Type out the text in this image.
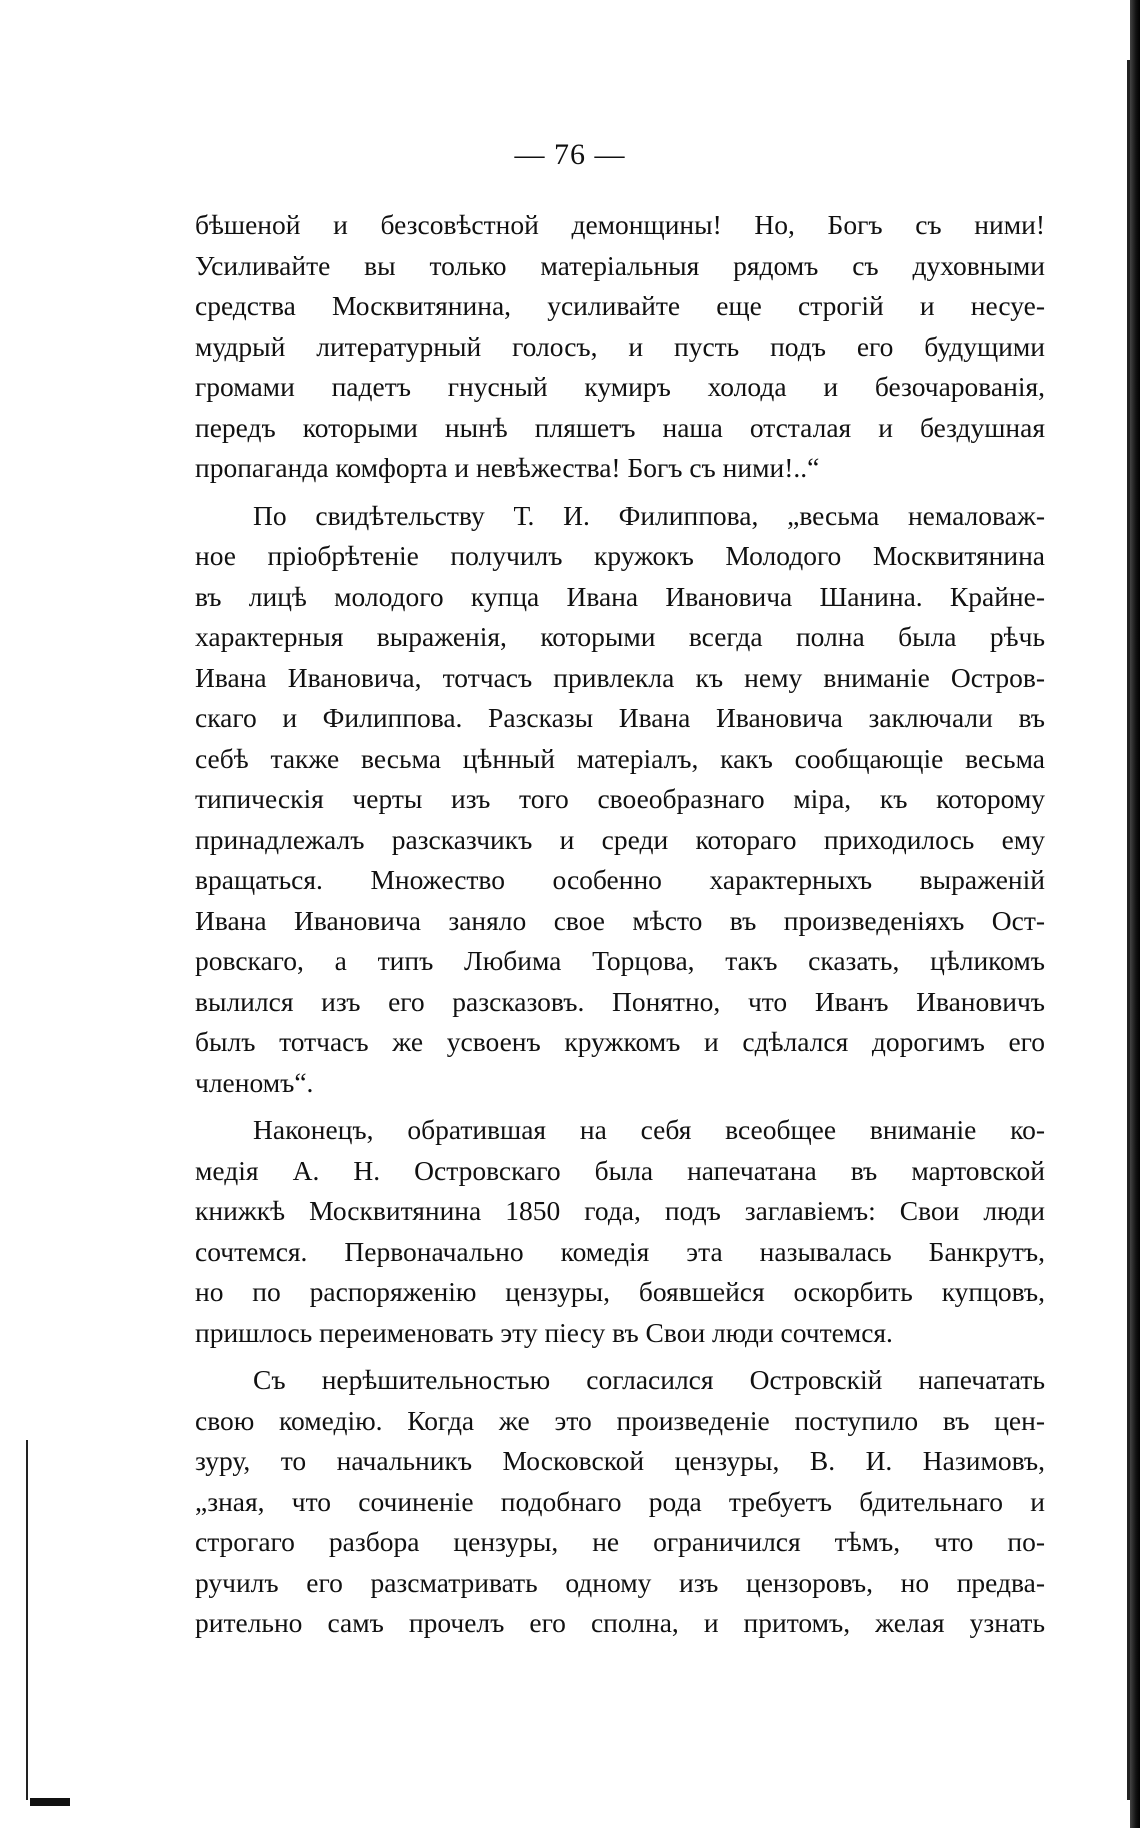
— 76 —
бѣшеной и безсовѣстной демонщины! Но, Богъ съ ними!
Усиливайте вы только матеріальныя рядомъ съ духовными
средства Москвитянина, усиливайте еще строгій и несуе-
мудрый литературный голосъ, и пусть подъ его будущими
громами падетъ гнусный кумиръ холода и безочарованія,
передъ которыми нынѣ пляшетъ наша отсталая и бездушная
пропаганда комфорта и невѣжества! Богъ съ ними!..“
По свидѣтельству Т. И. Филиппова, „весьма немаловаж-
ное пріобрѣтеніе получилъ кружокъ Молодого Москвитянина
въ лицѣ молодого купца Ивана Ивановича Шанина. Крайне-
характерныя выраженія, которыми всегда полна была рѣчь
Ивана Ивановича, тотчасъ привлекла къ нему вниманіе Остров-
скаго и Филиппова. Разсказы Ивана Ивановича заключали въ
себѣ также весьма цѣнный матеріалъ, какъ сообщающіе весьма
типическія черты изъ того своеобразнаго міра, къ которому
принадлежалъ разсказчикъ и среди котораго приходилось ему
вращаться. Множество особенно характерныхъ выраженій
Ивана Ивановича заняло свое мѣсто въ произведеніяхъ Ост-
ровскаго, а типъ Любима Торцова, такъ сказать, цѣликомъ
вылился изъ его разсказовъ. Понятно, что Иванъ Ивановичъ
былъ тотчасъ же усвоенъ кружкомъ и сдѣлался дорогимъ его
членомъ“.
Наконецъ, обратившая на себя всеобщее вниманіе ко-
медія А. Н. Островскаго была напечатана въ мартовской
книжкѣ Москвитянина 1850 года, подъ заглавіемъ: Свои люди
сочтемся. Первоначально комедія эта называлась Банкрутъ,
но по распоряженію цензуры, боявшейся оскорбить купцовъ,
пришлось переименовать эту піесу въ Свои люди сочтемся.
Съ нерѣшительностью согласился Островскій напечатать
свою комедію. Когда же это произведеніе поступило въ цен-
зуру, то начальникъ Московской цензуры, В. И. Назимовъ,
„зная, что сочиненіе подобнаго рода требуетъ бдительнаго и
строгаго разбора цензуры, не ограничился тѣмъ, что по-
ручилъ его разсматривать одному изъ цензоровъ, но предва-
рительно самъ прочелъ его сполна, и притомъ, желая узнать
